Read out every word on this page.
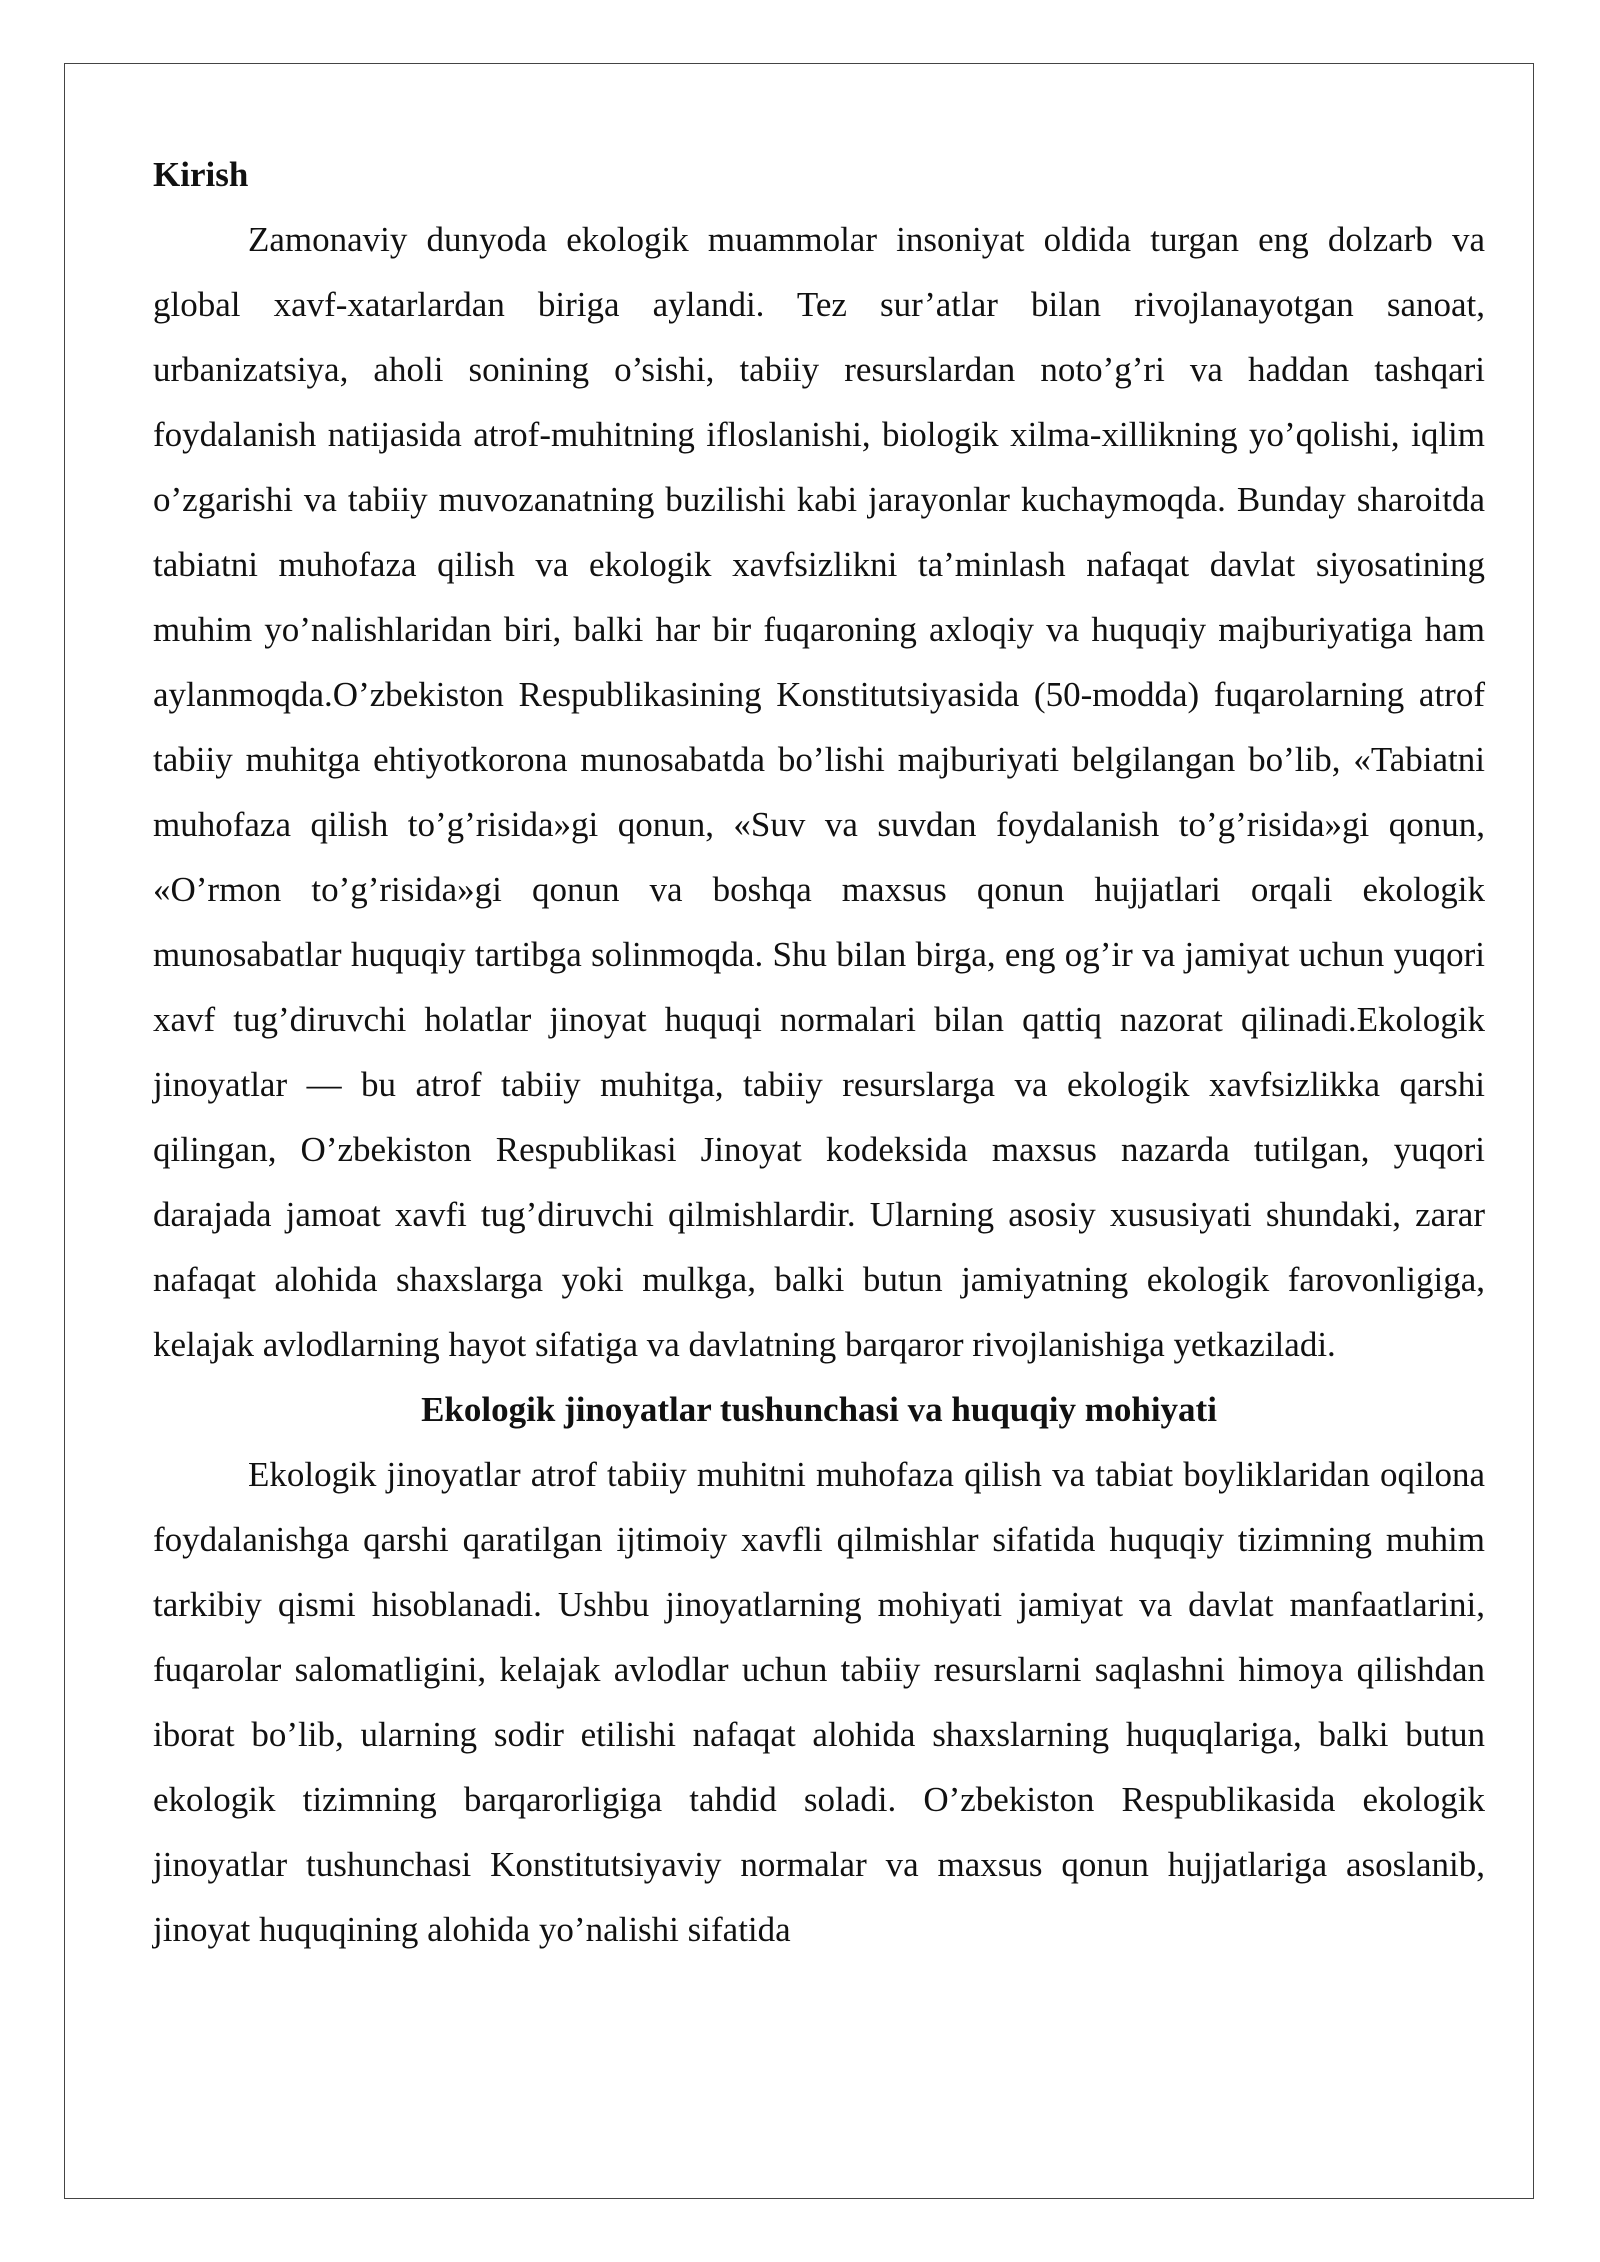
Kirish

Zamonaviy dunyoda ekologik muammolar insoniyat oldida turgan eng dolzarb va global xavf-xatarlardan biriga aylandi. Tez sur’atlar bilan rivojlanayotgan sanoat, urbanizatsiya, aholi sonining o’sishi, tabiiy resurslardan noto’g’ri va haddan tashqari foydalanish natijasida atrof-muhitning ifloslanishi, biologik xilma-xillikning yo’qolishi, iqlim o’zgarishi va tabiiy muvozanatning buzilishi kabi jarayonlar kuchaymoqda. Bunday sharoitda tabiatni muhofaza qilish va ekologik xavfsizlikni ta’minlash nafaqat davlat siyosatining muhim yo’nalishlaridan biri, balki har bir fuqaroning axloqiy va huquqiy majburiyatiga ham aylanmoqda.O’zbekiston Respublikasining Konstitutsiyasida (50-modda) fuqarolarning atrof tabiiy muhitga ehtiyotkorona munosabatda bo’lishi majburiyati belgilangan bo’lib, «Tabiatni muhofaza qilish to’g’risida»gi qonun, «Suv va suvdan foydalanish to’g’risida»gi qonun, «O’rmon to’g’risida»gi qonun va boshqa maxsus qonun hujjatlari orqali ekologik munosabatlar huquqiy tartibga solinmoqda. Shu bilan birga, eng og’ir va jamiyat uchun yuqori xavf tug’diruvchi holatlar jinoyat huquqi normalari bilan qattiq nazorat qilinadi.Ekologik jinoyatlar — bu atrof tabiiy muhitga, tabiiy resurslarga va ekologik xavfsizlikka qarshi qilingan, O’zbekiston Respublikasi Jinoyat kodeksida maxsus nazarda tutilgan, yuqori darajada jamoat xavfi tug’diruvchi qilmishlardir. Ularning asosiy xususiyati shundaki, zarar nafaqat alohida shaxslarga yoki mulkga, balki butun jamiyatning ekologik farovonligiga, kelajak avlodlarning hayot sifatiga va davlatning barqaror rivojlanishiga yetkaziladi.

Ekologik jinoyatlar tushunchasi va huquqiy mohiyati

Ekologik jinoyatlar atrof tabiiy muhitni muhofaza qilish va tabiat boyliklaridan oqilona foydalanishga qarshi qaratilgan ijtimoiy xavfli qilmishlar sifatida huquqiy tizimning muhim tarkibiy qismi hisoblanadi. Ushbu jinoyatlarning mohiyati jamiyat va davlat manfaatlarini, fuqarolar salomatligini, kelajak avlodlar uchun tabiiy resurslarni saqlashni himoya qilishdan iborat bo’lib, ularning sodir etilishi nafaqat alohida shaxslarning huquqlariga, balki butun ekologik tizimning barqarorligiga tahdid soladi. O’zbekiston Respublikasida ekologik jinoyatlar tushunchasi Konstitutsiyaviy normalar va maxsus qonun hujjatlariga asoslanib, jinoyat huquqining alohida yo’nalishi sifatida
